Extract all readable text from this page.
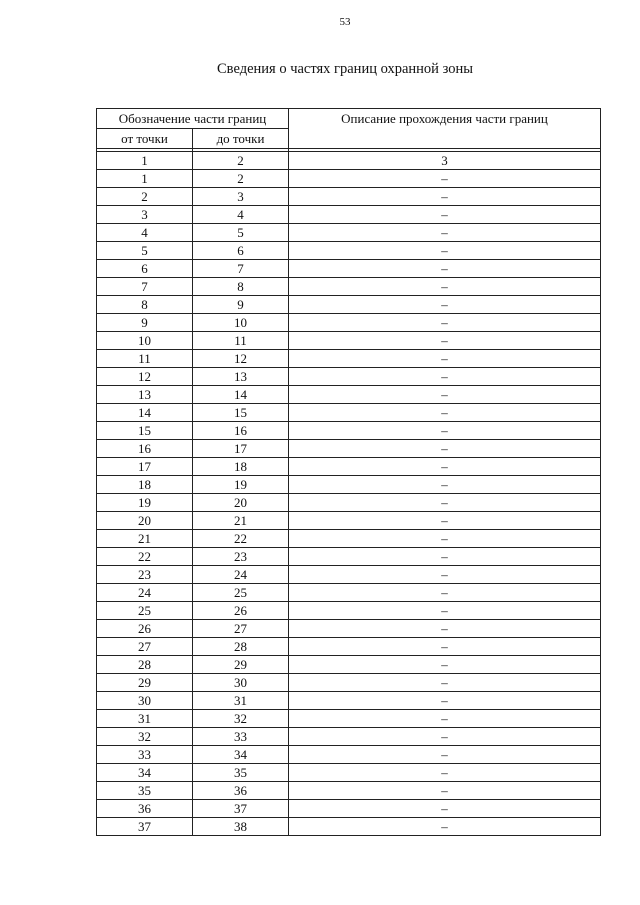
53
Сведения о частях границ охранной зоны
Обозначение части границ		Описание прохождения части границ
от точки	до точки	

1	2	3
1	2	–
2	3	–
3	4	–
4	5	–
5	6	–
6	7	–
7	8	–
8	9	–
9	10	–
10	11	–
11	12	–
12	13	–
13	14	–
14	15	–
15	16	–
16	17	–
17	18	–
18	19	–
19	20	–
20	21	–
21	22	–
22	23	–
23	24	–
24	25	–
25	26	–
26	27	–
27	28	–
28	29	–
29	30	–
30	31	–
31	32	–
32	33	–
33	34	–
34	35	–
35	36	–
36	37	–
37	38	–
